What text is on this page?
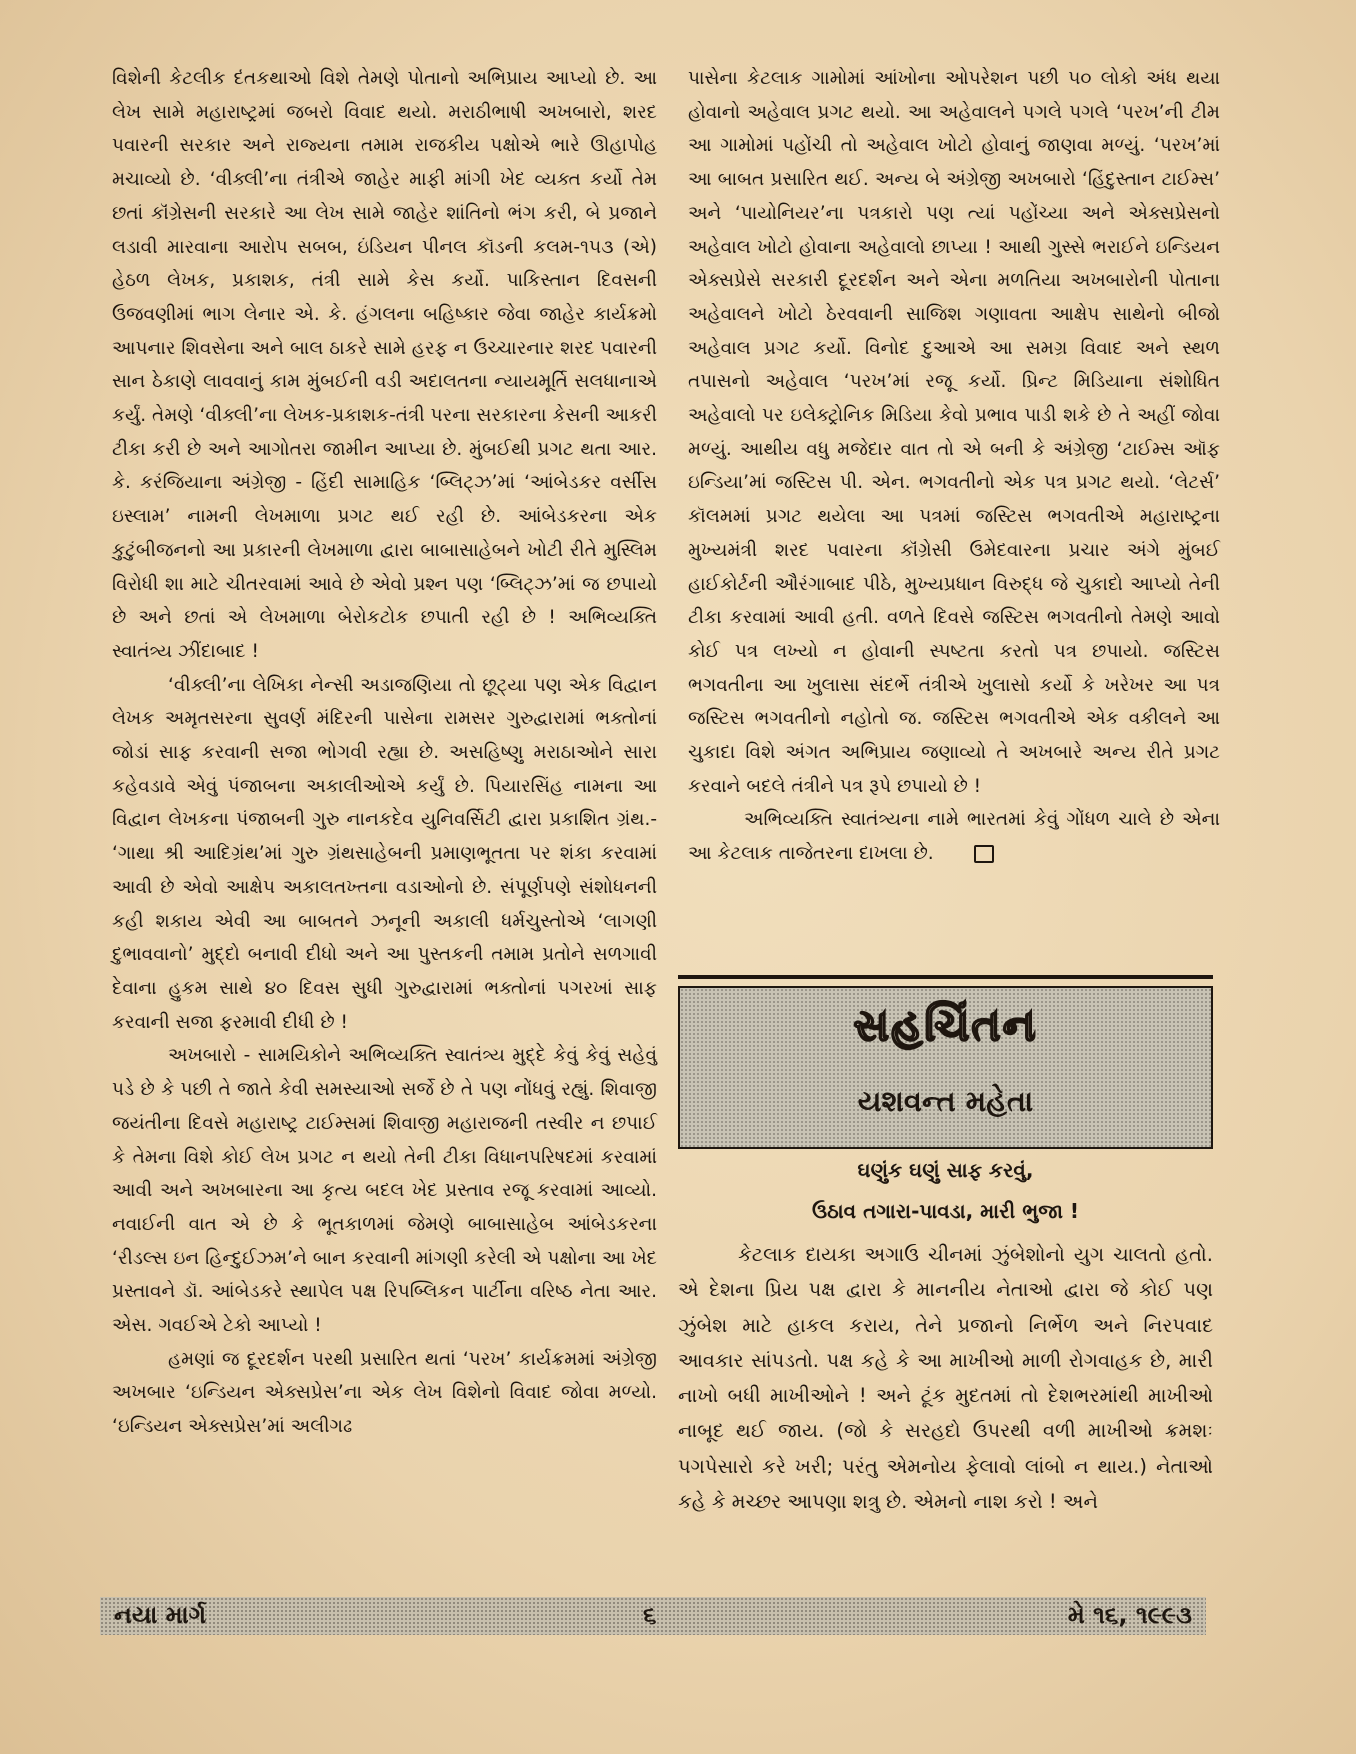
વિશેની કેટલીક દંતકથાઓ વિશે તેમણે પોતાનો અભિપ્રાય આપ્યો છે. આ લેખ સામે મહારાષ્ટ્રમાં જબરો વિવાદ થયો. મરાઠીભાષી અખબારો, શરદ પવારની સરકાર અને રાજ્યના તમામ રાજકીય પક્ષોએ ભારે ઊહાપોહ મચાવ્યો છે. ‘વીક્લી’ના તંત્રીએ જાહેર માફી માંગી ખેદ વ્યક્ત કર્યો તેમ છતાં કૉંગ્રેસની સરકારે આ લેખ સામે જાહેર શાંતિનો ભંગ કરી, બે પ્રજાને લડાવી મારવાના આરોપ સબબ, ઇંડિયન પીનલ કૉડની કલમ-૧૫૩ (એ) હેઠળ લેખક, પ્રકાશક, તંત્રી સામે કેસ કર્યો. પાકિસ્તાન દિવસની ઉજવણીમાં ભાગ લેનાર એ. કે. હંગલના બહિષ્કાર જેવા જાહેર કાર્યક્રમો આપનાર શિવસેના અને બાલ ઠાકરે સામે હરફ ન ઉચ્ચારનાર શરદ પવારની સાન ઠેકાણે લાવવાનું કામ મુંબઈની વડી અદાલતના ન્યાયમૂર્તિ સલધાનાએ કર્યું. તેમણે ‘વીક્લી’ના લેખક-પ્રકાશક-તંત્રી પરના સરકારના કેસની આકરી ટીકા કરી છે અને આગોતરા જામીન આપ્યા છે. મુંબઈથી પ્રગટ થતા આર. કે. કરંજિયાના અંગ્રેજી - હિંદી સામાહિક ‘બ્લિટ્ઝ’માં ‘આંબેડકર વર્સીસ ઇસ્લામ’ નામની લેખમાળા પ્રગટ થઈ રહી છે. આંબેડકરના એક કુટુંબીજનનો આ પ્રકારની લેખમાળા દ્વારા બાબાસાહેબને ખોટી રીતે મુસ્લિમ વિરોધી શા માટે ચીતરવામાં આવે છે એવો પ્રશ્ન પણ ‘બ્લિટ્ઝ’માં જ છપાયો છે અને છતાં એ લેખમાળા બેરોકટોક છપાતી રહી છે ! અભિવ્યક્તિ સ્વાતંત્ર્ય ઝીંદાબાદ !

‘વીક્લી’ના લેખિકા નેન્સી અડાજણિયા તો છૂટ્યા પણ એક વિદ્વાન લેખક અમૃતસરના સુવર્ણ મંદિરની પાસેના રામસર ગુરુદ્વારામાં ભક્તોનાં જોડાં સાફ કરવાની સજા ભોગવી રહ્યા છે. અસહિષ્ણુ મરાઠાઓને સારા કહેવડાવે એવું પંજાબના અકાલીઓએ કર્યું છે. પિયારસિંહ નામના આ વિદ્વાન લેખકના પંજાબની ગુરુ નાનકદેવ યુનિવર્સિટી દ્વારા પ્રકાશિત ગ્રંથ.- ‘ગાથા શ્રી આદિગ્રંથ’માં ગુરુ ગ્રંથસાહેબની પ્રમાણભૂતતા પર શંકા કરવામાં આવી છે એવો આક્ષેપ અકાલતખ્તના વડાઓનો છે. સંપૂર્ણપણે સંશોધનની કહી શકાય એવી આ બાબતને ઝનૂની અકાલી ધર્મચુસ્તોએ ‘લાગણી દુભાવવાનો’ મુદ્દો બનાવી દીધો અને આ પુસ્તકની તમામ પ્રતોને સળગાવી દેવાના હુકમ સાથે ૪૦ દિવસ સુધી ગુરુદ્વારામાં ભક્તોનાં પગરખાં સાફ કરવાની સજા ફરમાવી દીધી છે !

અખબારો - સામયિકોને અભિવ્યક્તિ સ્વાતંત્ર્ય મુદ્દે કેવું કેવું સહેવું પડે છે કે પછી તે જાતે કેવી સમસ્યાઓ સર્જે છે તે પણ નોંધવું રહ્યું. શિવાજી જયંતીના દિવસે મહારાષ્ટ્ર ટાઈમ્સમાં શિવાજી મહારાજની તસ્વીર ન છપાઈ કે તેમના વિશે કોઈ લેખ પ્રગટ ન થયો તેની ટીકા વિધાનપરિષદમાં કરવામાં આવી અને અખબારના આ કૃત્ય બદલ ખેદ પ્રસ્તાવ રજૂ કરવામાં આવ્યો. નવાઈની વાત એ છે કે ભૂતકાળમાં જેમણે બાબાસાહેબ આંબેડકરના ‘રીડલ્સ ઇન હિન્દુઈઝમ’ને બાન કરવાની માંગણી કરેલી એ પક્ષોના આ ખેદ પ્રસ્તાવને ડૉ. આંબેડકરે સ્થાપેલ પક્ષ રિપબ્લિકન પાર્ટીના વરિષ્ઠ નેતા આર. એસ. ગવઈએ ટેકો આપ્યો !

હમણાં જ દૂરદર્શન પરથી પ્રસારિત થતાં ‘પરખ’ કાર્યક્રમમાં અંગ્રેજી અખબાર ‘ઇન્ડિયન એક્સપ્રેસ’ના એક લેખ વિશેનો વિવાદ જોવા મળ્યો. ‘ઇન્ડિયન એક્સપ્રેસ’માં અલીગઢ

પાસેના કેટલાક ગામોમાં આંખોના ઓપરેશન પછી ૫૦ લોકો અંધ થયા હોવાનો અહેવાલ પ્રગટ થયો. આ અહેવાલને પગલે પગલે ‘પરખ’ની ટીમ આ ગામોમાં પહોંચી તો અહેવાલ ખોટો હોવાનું જાણવા મળ્યું. ‘પરખ’માં આ બાબત પ્રસારિત થઈ. અન્ય બે અંગ્રેજી અખબારો ‘હિંદુસ્તાન ટાઈમ્સ’ અને ‘પાયોનિયર’ના પત્રકારો પણ ત્યાં પહોંચ્યા અને એક્સપ્રેસનો અહેવાલ ખોટો હોવાના અહેવાલો છાપ્યા ! આથી ગુસ્સે ભરાઈને ઇન્ડિયન એક્સપ્રેસે સરકારી દૂરદર્શન અને એના મળતિયા અખબારોની પોતાના અહેવાલને ખોટો ઠેરવવાની સાજિશ ગણાવતા આક્ષેપ સાથેનો બીજો અહેવાલ પ્રગટ કર્યો. વિનોદ દુઆએ આ સમગ્ર વિવાદ અને સ્થળ તપાસનો અહેવાલ ‘પરખ’માં રજૂ કર્યો. પ્રિન્ટ મિડિયાના સંશોધિત અહેવાલો પર ઇલેક્ટ્રોનિક મિડિયા કેવો પ્રભાવ પાડી શકે છે તે અહીં જોવા મળ્યું. આથીય વધુ મજેદાર વાત તો એ બની કે અંગ્રેજી ‘ટાઈમ્સ ઑફ ઇન્ડિયા’માં જસ્ટિસ પી. એન. ભગવતીનો એક પત્ર પ્રગટ થયો. ‘લેટર્સ’ કૉલમમાં પ્રગટ થયેલા આ પત્રમાં જસ્ટિસ ભગવતીએ મહારાષ્ટ્રના મુખ્યમંત્રી શરદ પવારના કૉંગ્રેસી ઉમેદવારના પ્રચાર અંગે મુંબઈ હાઈકોર્ટની ઔરંગાબાદ પીઠે, મુખ્યપ્રધાન વિરુદ્ધ જે ચુકાદો આપ્યો તેની ટીકા કરવામાં આવી હતી. વળતે દિવસે જસ્ટિસ ભગવતીનો તેમણે આવો કોઈ પત્ર લખ્યો ન હોવાની સ્પષ્ટતા કરતો પત્ર છપાયો. જસ્ટિસ ભગવતીના આ ખુલાસા સંદર્ભે તંત્રીએ ખુલાસો કર્યો કે ખરેખર આ પત્ર જસ્ટિસ ભગવતીનો નહોતો જ. જસ્ટિસ ભગવતીએ એક વકીલને આ ચુકાદા વિશે અંગત અભિપ્રાય જણાવ્યો તે અખબારે અન્ય રીતે પ્રગટ કરવાને બદલે તંત્રીને પત્ર રૂપે છપાયો છે !

અભિવ્યક્તિ સ્વાતંત્ર્યના નામે ભારતમાં કેવું ગોંધળ ચાલે છે એના આ કેટલાક તાજેતરના દાખલા છે.

સહચિંતન
યશવન્ત મહેતા
ઘણુંક ઘણું સાફ કરવું,
ઉઠાવ તગારા-પાવડા, મારી ભુજા !

કેટલાક દાયકા અગાઉ ચીનમાં ઝુંબેશોનો યુગ ચાલતો હતો. એ દેશના પ્રિય પક્ષ દ્વારા કે માનનીય નેતાઓ દ્વારા જે કોઈ પણ ઝુંબેશ માટે હાકલ કરાય, તેને પ્રજાનો નિર્ભેળ અને નિરપવાદ આવકાર સાંપડતો. પક્ષ કહે કે આ માખીઓ માળી રોગવાહક છે, મારી નાખો બધી માખીઓને ! અને ટૂંક મુદતમાં તો દેશભરમાંથી માખીઓ નાબૂદ થઈ જાય. (જો કે સરહદો ઉપરથી વળી માખીઓ ક્રમશઃ પગપેસારો કરે ખરી; પરંતુ એમનોય ફેલાવો લાંબો ન થાય.) નેતાઓ કહે કે મચ્છર આપણા શત્રુ છે. એમનો નાશ કરો ! અને

નયા માર્ગ	૬	મે ૧૬, ૧૯૯૩
